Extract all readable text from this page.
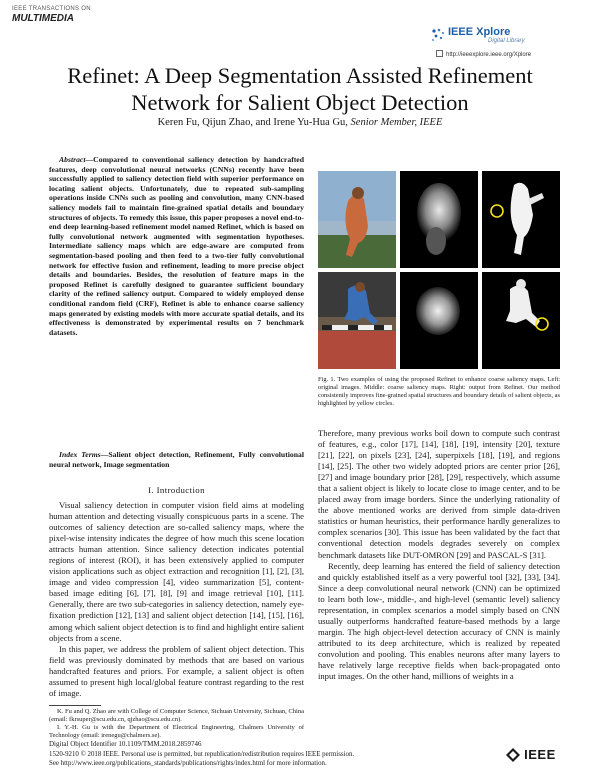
IEEE TRANSACTIONS ON
MULTIMEDIA
IEEE Xplore
Digital Library
http://ieeexplore.ieee.org/Xplore
Refinet: A Deep Segmentation Assisted Refinement
Network for Salient Object Detection
Keren Fu, Qijun Zhao, and Irene Yu-Hua Gu, Senior Member, IEEE
Abstract—Compared to conventional saliency detection by handcrafted features, deep convolutional neural networks (CNNs) recently have been successfully applied to saliency detection field with superior performance on locating salient objects. Unfortunately, due to repeated sub-sampling operations inside CNNs such as pooling and convolution, many CNN-based saliency models fail to maintain fine-grained spatial details and boundary structures of objects. To remedy this issue, this paper proposes a novel end-to-end deep learning-based refinement model named Refinet, which is based on fully convolutional network augmented with segmentation hypotheses. Intermediate saliency maps which are edge-aware are computed from segmentation-based pooling and then feed to a two-tier fully convolutional network for effective fusion and refinement, leading to more precise object details and boundaries. Besides, the resolution of feature maps in the proposed Refinet is carefully designed to guarantee sufficient boundary clarity of the refined saliency output. Compared to widely employed dense conditional random field (CRF), Refinet is able to enhance coarse saliency maps generated by existing models with more accurate spatial details, and its effectiveness is demonstrated by experimental results on 7 benchmark datasets.
Index Terms—Salient object detection, Refinement, Fully convolutional neural network, Image segmentation
I. Introduction

Visual saliency detection in computer vision field aims at modeling human attention and detecting visually conspicuous parts in a scene. The outcomes of saliency detection are so-called saliency maps, where the pixel-wise intensity indicates the degree of how much this scene location attracts human attention. Since saliency detection indicates potential regions of interest (ROI), it has been extensively applied to computer vision applications such as object extraction and recognition [1], [2], [3], image and video compression [4], video summarization [5], content-based image editing [6], [7], [8], [9] and image retrieval [10], [11]. Generally, there are two sub-categories in saliency detection, namely eye-fixation prediction [12], [13] and salient object detection [14], [15], [16], among which salient object detection is to find and highlight entire salient objects from a scene.

In this paper, we address the problem of salient object detection. This field was previously dominated by methods that are based on various handcrafted features and priors. For example, a salient object is often assumed to present high local/global feature contrast regarding to the rest of image.

K. Fu and Q. Zhao are with College of Computer Science, Sichuan University, Sichuan, China (email: fkrsuper@scu.edu.cn, qjzhao@scu.edu.cn).

I. Y.-H. Gu is with the Department of Electrical Engineering, Chalmers University of Technology (email: irenegu@chalmers.se).

Digital Object Identifier 10.1109/TMM.2018.2859746
1520-9210 © 2018 IEEE. Personal use is permitted, but republication/redistribution requires IEEE permission.
See http://www.ieee.org/publications_standards/publications/rights/index.html for more information.
IEEE
Fig. 1. Two examples of using the proposed Refinet to enhance coarse saliency maps. Left: original images. Middle: coarse saliency maps. Right: output from Refinet. Our method consistently improves fine-grained spatial structures and boundary details of salient objects, as highlighted by yellow circles.

Therefore, many previous works boil down to compute such contrast of features, e.g., color [17], [14], [18], [19], intensity [20], texture [21], [22], on pixels [23], [24], superpixels [18], [19], and regions [14], [25]. The other two widely adopted priors are center prior [26], [27] and image boundary prior [28], [29], respectively, which assume that a salient object is likely to locate close to image center, and to be placed away from image borders. Since the underlying rationality of the above mentioned works are derived from simple data-driven statistics or human heuristics, their performance hardly generalizes to complex scenarios [30]. This issue has been validated by the fact that conventional detection models degrades severely on complex benchmark datasets like DUT-OMRON [29] and PASCAL-S [31].

Recently, deep learning has entered the field of saliency detection and quickly established itself as a very powerful tool [32], [33], [34]. Since a deep convolutional neural network (CNN) can be optimized to learn both low-, middle-, and high-level (semantic level) saliency representation, in complex scenarios a model simply based on CNN usually outperforms handcrafted feature-based methods by a large margin. The high object-level detection accuracy of CNN is mainly attributed to its deep architecture, which is realized by repeated convolution and pooling. This enables neurons after many layers to have relatively large receptive fields when back-propagated onto input images. On the other hand, millions of weights in a
